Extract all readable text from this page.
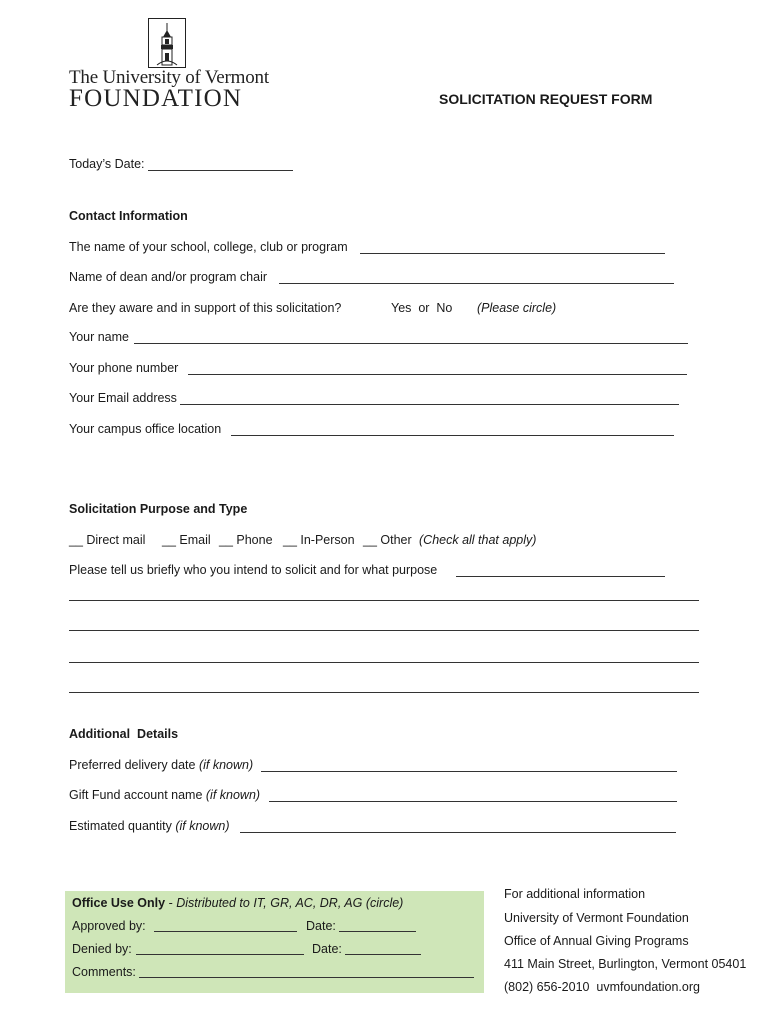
The University of Vermont
FOUNDATION	SOLICITATION REQUEST FORM
Today’s Date:
Contact Information
The name of your school, college, club or program
Name of dean and/or program chair
Are they aware and in support of this solicitation?	Yes  or  No (Please circle)
Your name
Your phone number
Your Email address
Your campus office location
Solicitation Purpose and Type
__ Direct mail __ Email __ Phone __ In-Person __ Other (Check all that apply)
Please tell us briefly who you intend to solicit and for what purpose
Additional  Details
Preferred delivery date (if known)
Gift Fund account name (if known)
Estimated quantity (if known)
Office Use Only - Distributed to IT, GR, AC, DR, AG (circle)
Approved by:	Date:
Denied by:	Date:
Comments:
For additional information
University of Vermont Foundation
Office of Annual Giving Programs
411 Main Street, Burlington, Vermont 05401
(802) 656-2010  uvmfoundation.org
